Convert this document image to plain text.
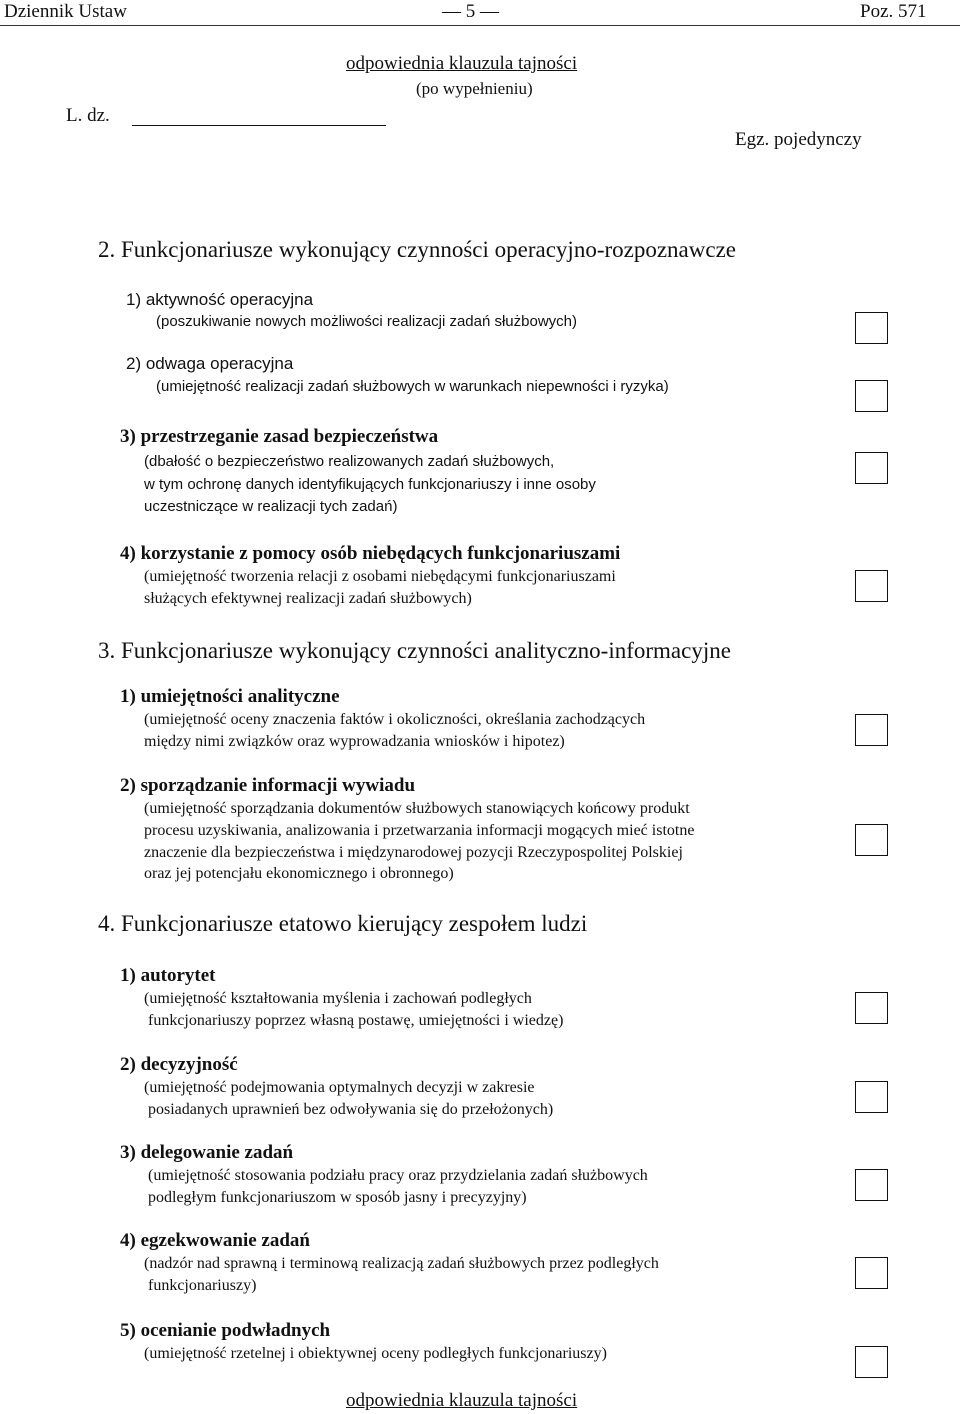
Dziennik Ustaw	— 5 —	Poz. 571
odpowiednia klauzula tajności
(po wypełnieniu)
L. dz.
Egz. pojedynczy
2. Funkcjonariusze wykonujący czynności operacyjno-rozpoznawcze
1) aktywność operacyjna
(poszukiwanie nowych możliwości realizacji zadań służbowych)
2) odwaga operacyjna
(umiejętność realizacji zadań służbowych w warunkach niepewności i ryzyka)
3) przestrzeganie zasad bezpieczeństwa
(dbałość o bezpieczeństwo realizowanych zadań służbowych,
w tym ochronę danych identyfikujących funkcjonariuszy i inne osoby
uczestniczące w realizacji tych zadań)
4) korzystanie z pomocy osób niebędących funkcjonariuszami
(umiejętność tworzenia relacji z osobami niebędącymi funkcjonariuszami
służących efektywnej realizacji zadań służbowych)
3. Funkcjonariusze wykonujący czynności analityczno-informacyjne
1) umiejętności analityczne
(umiejętność oceny znaczenia faktów i okoliczności, określania zachodzących
między nimi związków oraz wyprowadzania wniosków i hipotez)
2) sporządzanie informacji wywiadu
(umiejętność sporządzania dokumentów służbowych stanowiących końcowy produkt
procesu uzyskiwania, analizowania i przetwarzania informacji mogących mieć istotne
znaczenie dla bezpieczeństwa i międzynarodowej pozycji Rzeczypospolitej Polskiej
oraz jej potencjału ekonomicznego i obronnego)
4. Funkcjonariusze etatowo kierujący zespołem ludzi
1) autorytet
(umiejętność kształtowania myślenia i zachowań podległych
funkcjonariuszy poprzez własną postawę, umiejętności i wiedzę)
2) decyzyjność
(umiejętność podejmowania optymalnych decyzji w zakresie
posiadanych uprawnień bez odwoływania się do przełożonych)
3) delegowanie zadań
(umiejętność stosowania podziału pracy oraz przydzielania zadań służbowych
podległym funkcjonariuszom w sposób jasny i precyzyjny)
4) egzekwowanie zadań
(nadzór nad sprawną i terminową realizacją zadań służbowych przez podległych
funkcjonariuszy)
5) ocenianie podwładnych
(umiejętność rzetelnej i obiektywnej oceny podległych funkcjonariuszy)
odpowiednia klauzula tajności
